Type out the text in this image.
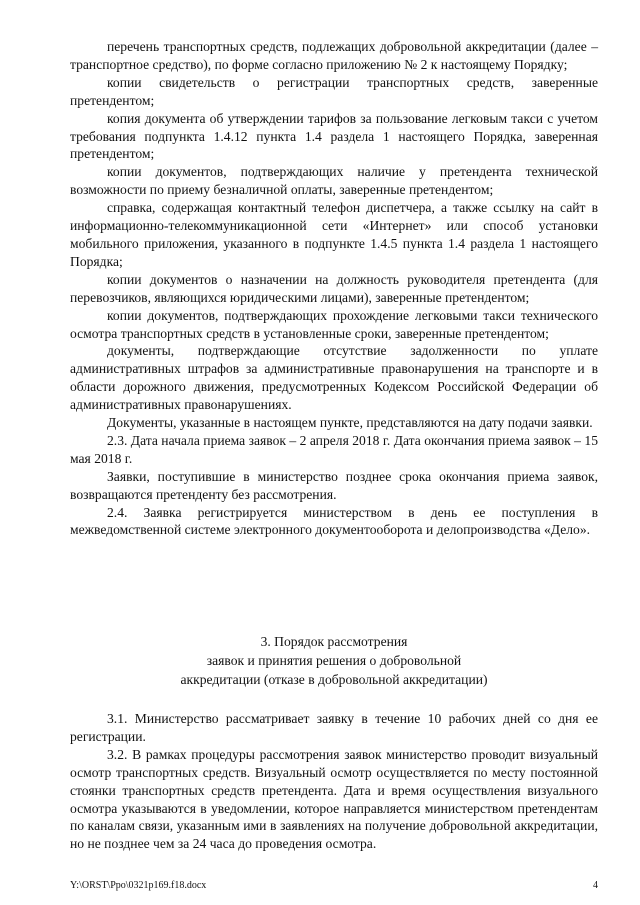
перечень транспортных средств, подлежащих добровольной аккредитации (далее – транспортное средство), по форме согласно приложению № 2 к настоящему Порядку;

копии свидетельств о регистрации транспортных средств, заверенные претендентом;

копия документа об утверждении тарифов за пользование легковым такси с учетом требования подпункта 1.4.12 пункта 1.4 раздела 1 настоящего Порядка, заверенная претендентом;

копии документов, подтверждающих наличие у претендента технической возможности по приему безналичной оплаты, заверенные претендентом;

справка, содержащая контактный телефон диспетчера, а также ссылку на сайт в информационно-телекоммуникационной сети «Интернет» или способ установки мобильного приложения, указанного в подпункте 1.4.5 пункта 1.4 раздела 1 настоящего Порядка;

копии документов о назначении на должность руководителя претендента (для перевозчиков, являющихся юридическими лицами), заверенные претендентом;

копии документов, подтверждающих прохождение легковыми такси технического осмотра транспортных средств в установленные сроки, заверенные претендентом;

документы, подтверждающие отсутствие задолженности по уплате административных штрафов за административные правонарушения на транспорте и в области дорожного движения, предусмотренных Кодексом Российской Федерации об административных правонарушениях.

Документы, указанные в настоящем пункте, представляются на дату подачи заявки.

2.3. Дата начала приема заявок – 2 апреля 2018 г. Дата окончания приема заявок – 15 мая 2018 г.

Заявки, поступившие в министерство позднее срока окончания приема заявок, возвращаются претенденту без рассмотрения.

2.4. Заявка регистрируется министерством в день ее поступления в межведомственной системе электронного документооборота и делопроизводства «Дело».

3. Порядок рассмотрения
заявок и принятия решения о добровольной
аккредитации (отказе в добровольной аккредитации)

3.1. Министерство рассматривает заявку в течение 10 рабочих дней со дня ее регистрации.

3.2. В рамках процедуры рассмотрения заявок министерство проводит визуальный осмотр транспортных средств. Визуальный осмотр осуществляется по месту постоянной стоянки транспортных средств претендента. Дата и время осуществления визуального осмотра указываются в уведомлении, которое направляется министерством претендентам по каналам связи, указанным ими в заявлениях на получение добровольной аккредитации, но не позднее чем за 24 часа до проведения осмотра.

Y:\ORST\Ppo\0321p169.f18.docx	4
